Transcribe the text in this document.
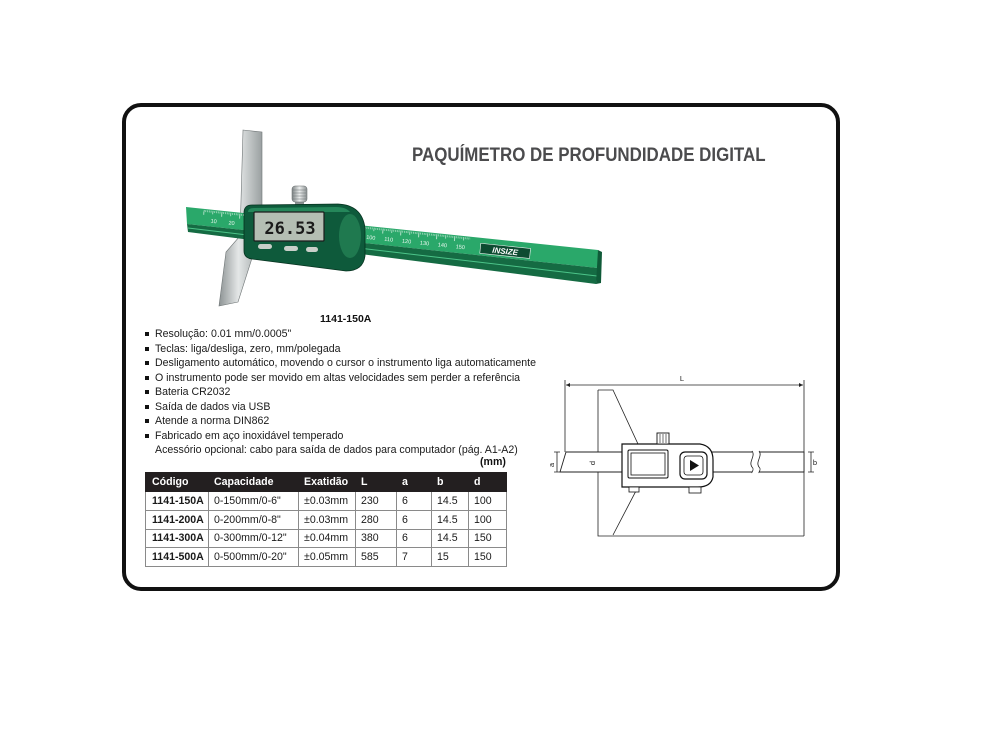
PAQUÍMETRO DE PROFUNDIDADE DIGITAL
10 20
100 110 120 130 140 150	INSIZE
26.53
1141-150A
Resolução: 0.01 mm/0.0005"
Teclas: liga/desliga, zero, mm/polegada
Desligamento automático, movendo o cursor o instrumento liga automaticamente
O instrumento pode ser movido em altas velocidades sem perder a referência
Bateria CR2032
Saída de dados via USB
Atende a norma DIN862
Fabricado em aço inoxidável temperado
Acessório opcional: cabo para saída de dados para computador (pág. A1-A2)
(mm)
Código	Capacidade	Exatidão	L	a	b	d
1141-150A	0-150mm/0-6"	±0.03mm	230	6	14.5	100
1141-200A	0-200mm/0-8"	±0.03mm	280	6	14.5	100
1141-300A	0-300mm/0-12"	±0.04mm	380	6	14.5	150
1141-500A	0-500mm/0-20"	±0.05mm	585	7	15	150
L
a	d	b
